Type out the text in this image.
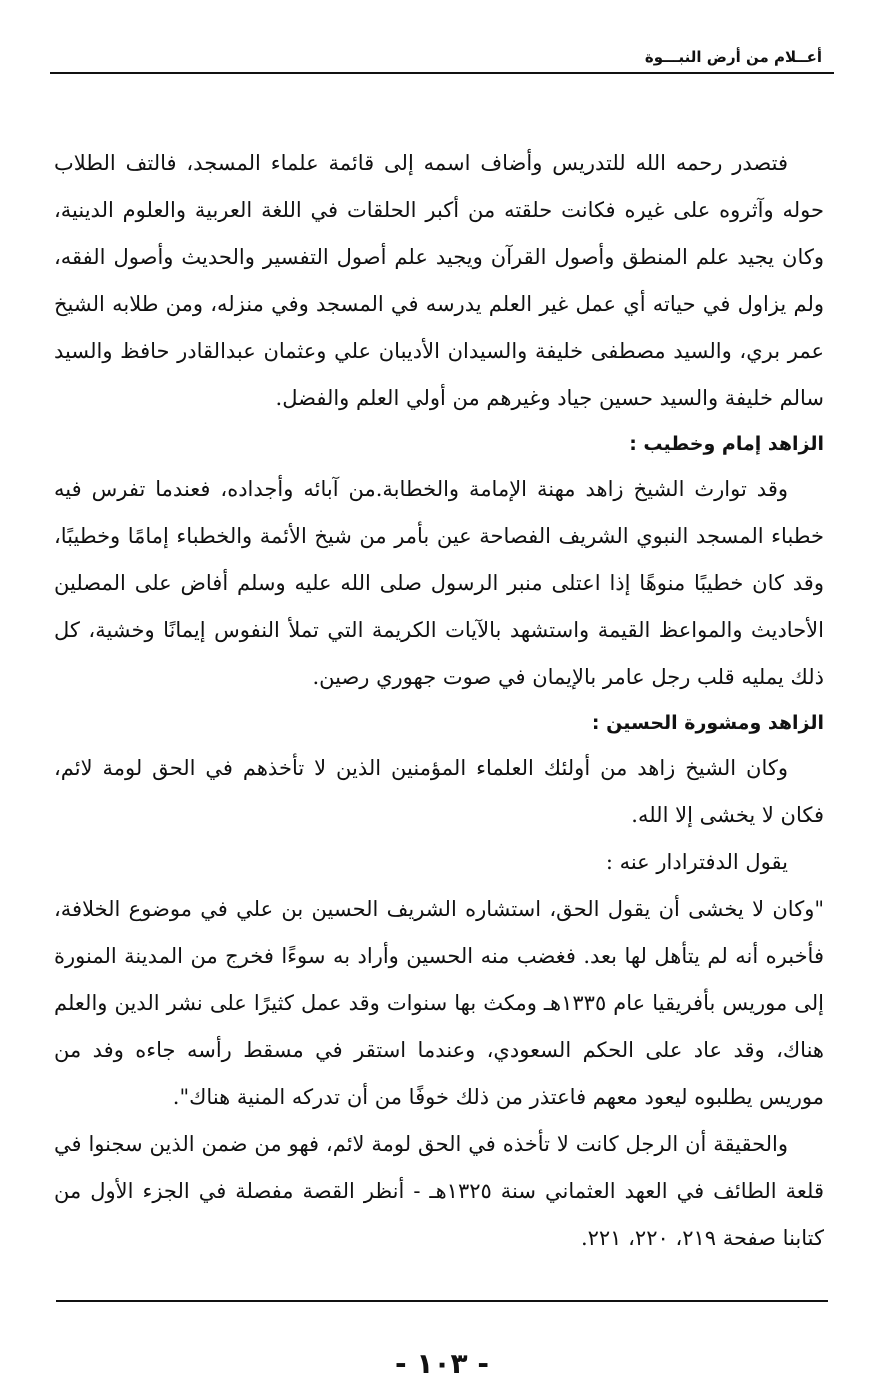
أعــلام من أرض النبـــوة

فتصدر رحمه الله للتدريس وأضاف اسمه إلى قائمة علماء المسجد، فالتف الطلاب حوله وآثروه على غيره فكانت حلقته من أكبر الحلقات في اللغة العربية والعلوم الدينية، وكان يجيد علم المنطق وأصول القرآن ويجيد علم أصول التفسير والحديث وأصول الفقه، ولم يزاول في حياته أي عمل غير العلم يدرسه في المسجد وفي منزله، ومن طلابه الشيخ عمر بري، والسيد مصطفى خليفة والسيدان الأديبان علي وعثمان عبدالقادر حافظ والسيد سالم خليفة والسيد حسين جياد وغيرهم من أولي العلم والفضل.

الزاهد إمام وخطيب :

وقد توارث الشيخ زاهد مهنة الإمامة والخطابة.من آبائه وأجداده، فعندما تفرس فيه خطباء المسجد النبوي الشريف الفصاحة عين بأمر من شيخ الأئمة والخطباء إمامًا وخطيبًا، وقد كان خطيبًا منوهًا إذا اعتلى منبر الرسول صلى الله عليه وسلم أفاض على المصلين الأحاديث والمواعظ القيمة واستشهد بالآيات الكريمة التي تملأ النفوس إيمانًا وخشية، كل ذلك يمليه قلب رجل عامر بالإيمان في صوت جهوري رصين.

الزاهد ومشورة الحسين :

وكان الشيخ زاهد من أولئك العلماء المؤمنين الذين لا تأخذهم في الحق لومة لائم، فكان لا يخشى إلا الله.

يقول الدفترادار عنه :

"وكان لا يخشى أن يقول الحق، استشاره الشريف الحسين بن علي في موضوع الخلافة، فأخبره أنه لم يتأهل لها بعد. فغضب منه الحسين وأراد به سوءًا فخرج من المدينة المنورة إلى موريس بأفريقيا عام ١٣٣٥هـ ومكث بها سنوات وقد عمل كثيرًا على نشر الدين والعلم هناك، وقد عاد على الحكم السعودي، وعندما استقر في مسقط رأسه جاءه وفد من موريس يطلبوه ليعود معهم فاعتذر من ذلك خوفًا من أن تدركه المنية هناك".

والحقيقة أن الرجل كانت لا تأخذه في الحق لومة لائم، فهو من ضمن الذين سجنوا في قلعة الطائف في العهد العثماني سنة ١٣٢٥هـ - أنظر القصة مفصلة في الجزء الأول من كتابنا صفحة ٢١٩، ٢٢٠، ٢٢١.

- ١٠٣ -
